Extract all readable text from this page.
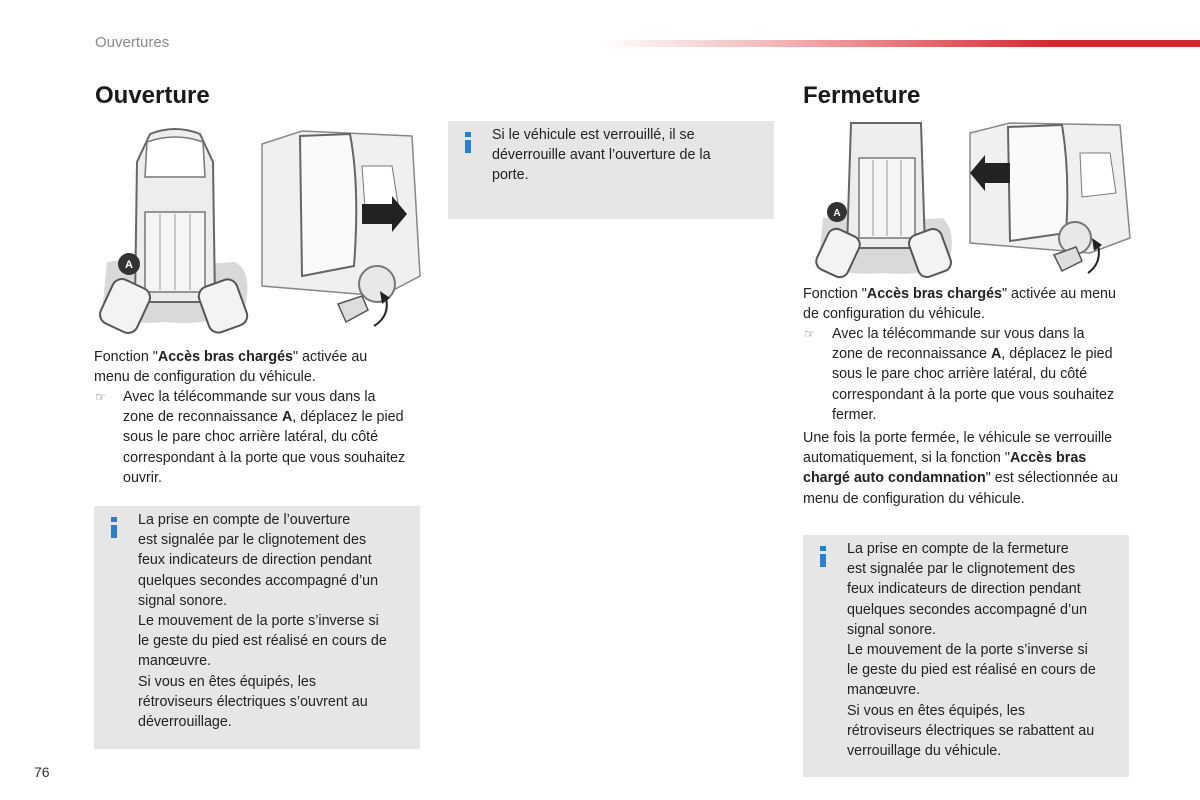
Ouvertures
Ouverture
A

Fonction "Accès bras chargés" activée au menu de configuration du véhicule.

☞ Avec la télécommande sur vous dans la zone de reconnaissance A, déplacez le pied sous le pare choc arrière latéral, du côté correspondant à la porte que vous souhaitez ouvrir.
La prise en compte de l’ouverture
est signalée par le clignotement des
feux indicateurs de direction pendant
quelques secondes accompagné d’un
signal sonore.
Le mouvement de la porte s’inverse si
le geste du pied est réalisé en cours de
manœuvre.
Si vous en êtes équipés, les
rétroviseurs électriques s’ouvrent au
déverrouillage.
Si le véhicule est verrouillé, il se
déverrouille avant l’ouverture de la
porte.
Fermeture
A

Fonction "Accès bras chargés" activée au menu de configuration du véhicule.

☞ Avec la télécommande sur vous dans la zone de reconnaissance A, déplacez le pied sous le pare choc arrière latéral, du côté correspondant à la porte que vous souhaitez fermer.

Une fois la porte fermée, le véhicule se verrouille automatiquement, si la fonction "Accès bras chargé auto condamnation" est sélectionnée au menu de configuration du véhicule.

La prise en compte de la fermeture
est signalée par le clignotement des
feux indicateurs de direction pendant
quelques secondes accompagné d’un
signal sonore.
Le mouvement de la porte s’inverse si
le geste du pied est réalisé en cours de
manœuvre.
Si vous en êtes équipés, les
rétroviseurs électriques se rabattent au
verrouillage du véhicule.
76
